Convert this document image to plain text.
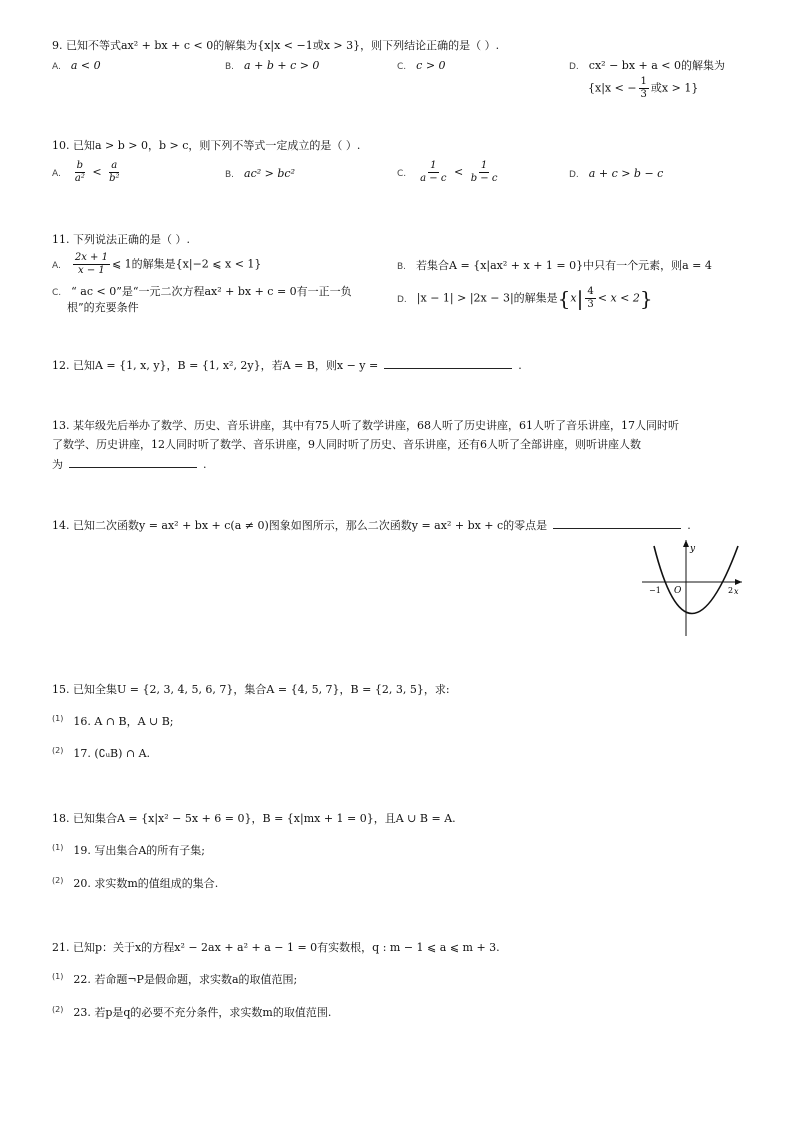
9. 已知不等式ax² + bx + c < 0的解集为{x|x < −1或x > 3}，则下列结论正确的是（ ）.
A. a < 0	B. a + b + c > 0	C. c > 0	D. cx² − bx + a < 0的解集为
{x|x < − $\frac{1}{3}$ 或x > 1}
10. 已知a > b > 0，b > c，则下列不等式一定成立的是（ ）.
A. $\frac{b}{\text{a²}} < \frac{a}{\text{b²}}$	B. ac² > bc²	C. $\frac{1}{a - c} < \frac{1}{b - c}$	D. a + c > b − c
11. 下列说法正确的是（ ）.
A. $\frac{2x + 1}{x - 1}$ ⩽ 1的解集是{x|−2 ⩽ x < 1}	B. 若集合A = {x|ax² + x + 1 = 0}中只有一个元素，则a = 4
C. “ ac < 0”是“一元二次方程ax² + bx + c = 0有一正一负
根”的充要条件
D. |x − 1| > |2x − 3|的解集是$\{x| \frac{4}{3} < x < 2\}$
12. 已知A = {1, x, y}，B = {1, x², 2y}，若A = B，则x − y =	.
13. 某年级先后举办了数学、历史、音乐讲座，其中有75人听了数学讲座，68人听了历史讲座，61人听了音乐讲座，17人同时听
了数学、历史讲座，12人同时听了数学、音乐讲座，9人同时听了历史、音乐讲座，还有6人听了全部讲座，则听讲座人数
为	.
14. 已知二次函数y = ax² + bx + c(a ≠ 0)图象如图所示，那么二次函数y = ax² + bx + c的零点是	.
y
x
O
−1	2
15. 已知全集U = {2, 3, 4, 5, 6, 7}，集合A = {4, 5, 7}，B = {2, 3, 5}，求:
$^{(1)}$ 16. A ∩ B，A ∪ B;
$^{(2)}$ 17. (∁ᵤB) ∩ A.
18. 已知集合A = {x|x² − 5x + 6 = 0}，B = {x|mx + 1 = 0}，且A ∪ B = A.
$^{(1)}$ 19. 写出集合A的所有子集;
$^{(2)}$ 20. 求实数m的值组成的集合.
21. 已知p：关于x的方程x² − 2ax + a² + a − 1 = 0有实数根，q : m − 1 ⩽ a ⩽ m + 3.
$^{(1)}$ 22. 若命题¬P是假命题，求实数a的取值范围;
$^{(2)}$ 23. 若p是q的必要不充分条件，求实数m的取值范围.
